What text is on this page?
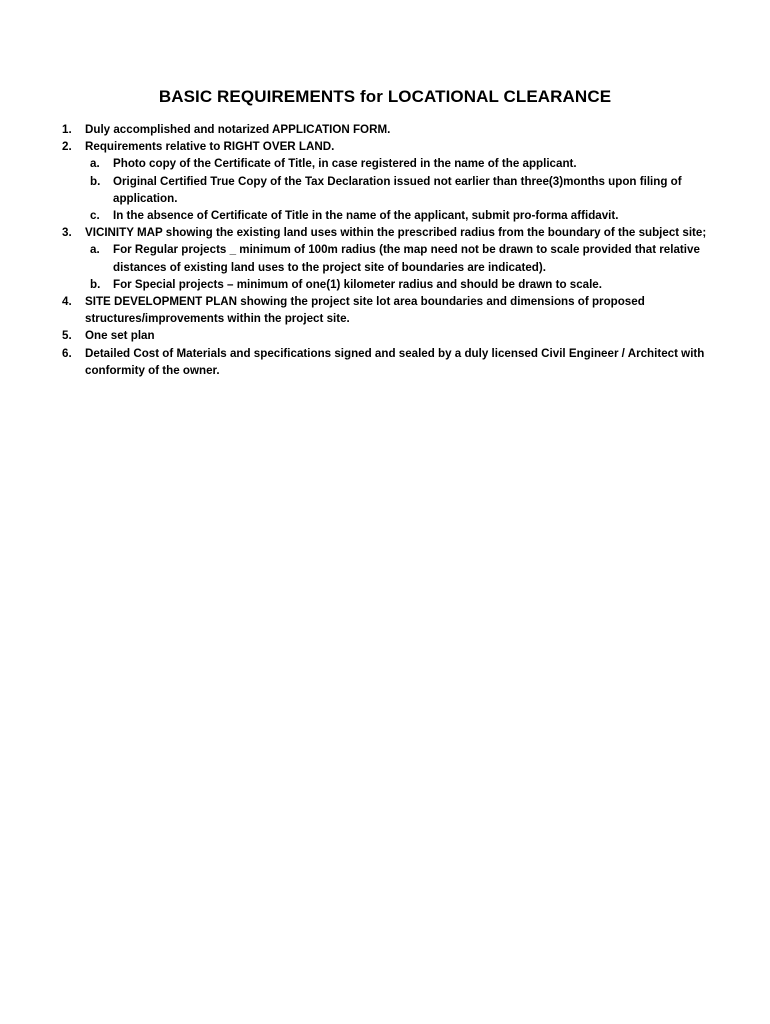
BASIC REQUIREMENTS for LOCATIONAL CLEARANCE
1. Duly accomplished and notarized APPLICATION FORM.
2. Requirements relative to RIGHT OVER LAND.
a. Photo copy of the Certificate of Title, in case registered in the name of the applicant.
b. Original Certified True Copy of the Tax Declaration issued not earlier than three(3)months upon filing of application.
c. In the absence of Certificate of Title in the name of the applicant, submit pro-forma affidavit.
3. VICINITY MAP showing the existing land uses within the prescribed radius from the boundary of the subject site;
a. For Regular projects _ minimum of 100m radius (the map need not be drawn to scale provided that relative distances of existing land uses to the project site of boundaries are indicated).
b. For Special projects – minimum of one(1) kilometer radius and should be drawn to scale.
4. SITE DEVELOPMENT PLAN showing the project site lot area boundaries and dimensions of proposed structures/improvements within the project site.
5. One set plan
6. Detailed Cost of Materials and specifications signed and sealed by a duly licensed Civil Engineer / Architect with conformity of the owner.
